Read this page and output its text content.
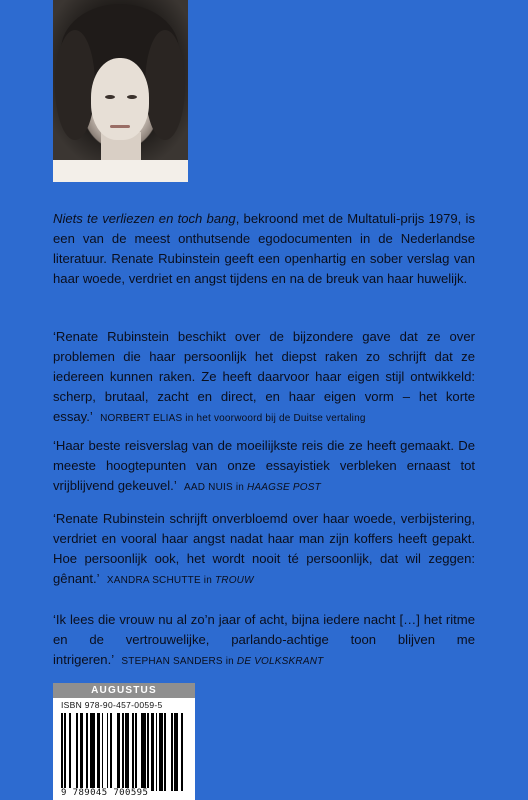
Niets te verliezen en toch bang, bekroond met de Multatuli-prijs 1979, is een van de meest onthutsende egodocumenten in de Nederlandse literatuur. Renate Rubinstein geeft een openhartig en sober verslag van haar woede, verdriet en angst tijdens en na de breuk van haar huwelijk.

‘Renate Rubinstein beschikt over de bijzondere gave dat ze over problemen die haar persoonlijk het diepst raken zo schrijft dat ze iedereen kunnen raken. Ze heeft daarvoor haar eigen stijl ontwikkeld: scherp, brutaal, zacht en direct, en haar eigen vorm – het korte essay.’ NORBERT ELIAS in het voorwoord bij de Duitse vertaling

‘Haar beste reisverslag van de moeilijkste reis die ze heeft gemaakt. De meeste hoogtepunten van onze essayistiek verbleken ernaast tot vrijblijvend gekeuvel.’ AAD NUIS in HAAGSE POST

‘Renate Rubinstein schrijft onverbloemd over haar woede, verbijstering, verdriet en vooral haar angst nadat haar man zijn koffers heeft gepakt. Hoe persoonlijk ook, het wordt nooit té persoonlijk, dat wil zeggen: gênant.’ XANDRA SCHUTTE in TROUW

‘Ik lees die vrouw nu al zo’n jaar of acht, bijna iedere nacht […] het ritme en de vertrouwelijke, parlando-achtige toon blijven me intrigeren.’ STEPHAN SANDERS in DE VOLKSKRANT

AUGUSTUS
ISBN 978-90-457-0059-5
9 789045 700595
